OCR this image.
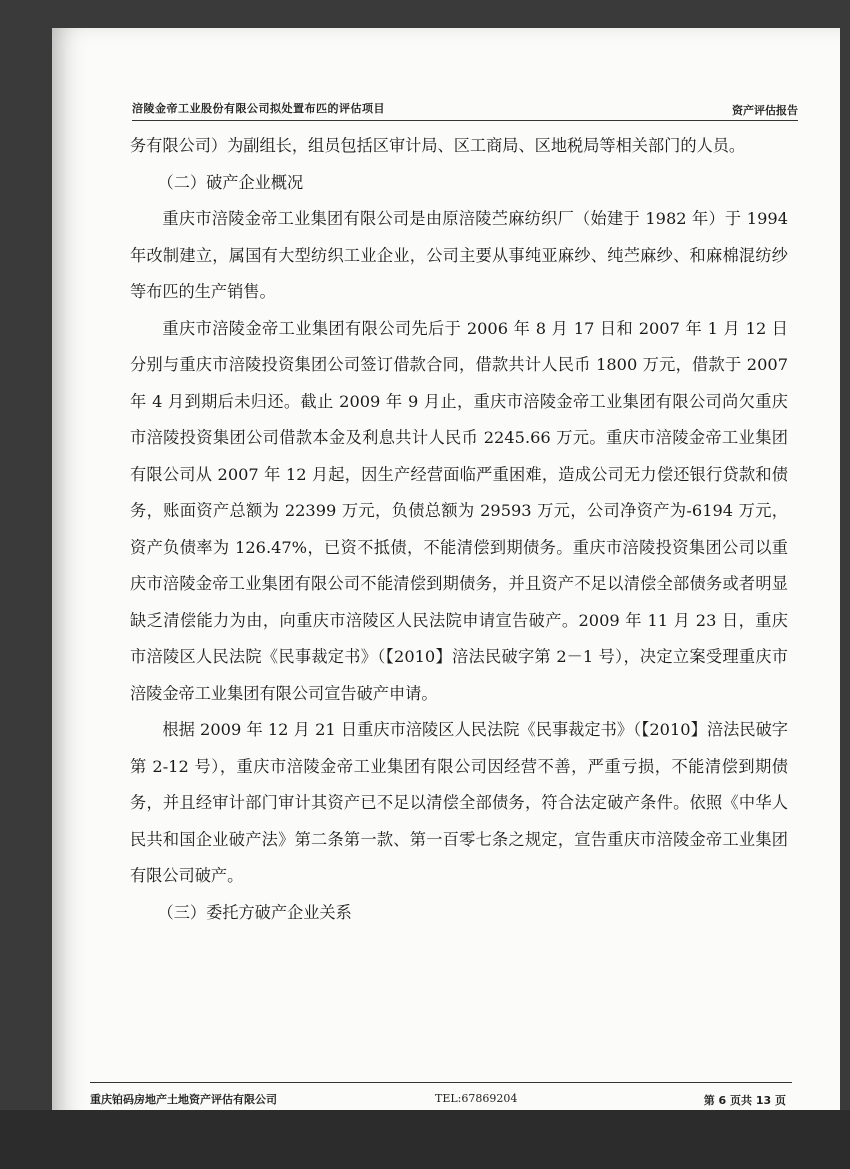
涪陵金帝工业股份有限公司拟处置布匹的评估项目	资产评估报告

务有限公司）为副组长，组员包括区审计局、区工商局、区地税局等相关部门的人员。

（二）破产企业概况

重庆市涪陵金帝工业集团有限公司是由原涪陵苎麻纺织厂（始建于 1982 年）于 1994 年改制建立，属国有大型纺织工业企业，公司主要从事纯亚麻纱、纯苎麻纱、和麻棉混纺纱等布匹的生产销售。

重庆市涪陵金帝工业集团有限公司先后于 2006 年 8 月 17 日和 2007 年 1 月 12 日分别与重庆市涪陵投资集团公司签订借款合同，借款共计人民币 1800 万元，借款于 2007 年 4 月到期后未归还。截止 2009 年 9 月止，重庆市涪陵金帝工业集团有限公司尚欠重庆市涪陵投资集团公司借款本金及利息共计人民币 2245.66 万元。重庆市涪陵金帝工业集团有限公司从 2007 年 12 月起，因生产经营面临严重困难，造成公司无力偿还银行贷款和债务，账面资产总额为 22399 万元，负债总额为 29593 万元，公司净资产为-6194 万元，资产负债率为 126.47%，已资不抵债，不能清偿到期债务。重庆市涪陵投资集团公司以重庆市涪陵金帝工业集团有限公司不能清偿到期债务，并且资产不足以清偿全部债务或者明显缺乏清偿能力为由，向重庆市涪陵区人民法院申请宣告破产。2009 年 11 月 23 日，重庆市涪陵区人民法院《民事裁定书》（【2010】涪法民破字第 2－1 号），决定立案受理重庆市涪陵金帝工业集团有限公司宣告破产申请。

根据 2009 年 12 月 21 日重庆市涪陵区人民法院《民事裁定书》（【2010】涪法民破字第 2-12 号），重庆市涪陵金帝工业集团有限公司因经营不善，严重亏损，不能清偿到期债务，并且经审计部门审计其资产已不足以清偿全部债务，符合法定破产条件。依照《中华人民共和国企业破产法》第二条第一款、第一百零七条之规定，宣告重庆市涪陵金帝工业集团有限公司破产。

（三）委托方破产企业关系

重庆铂码房地产土地资产评估有限公司	TEL:67869204	第 6 页共 13 页
